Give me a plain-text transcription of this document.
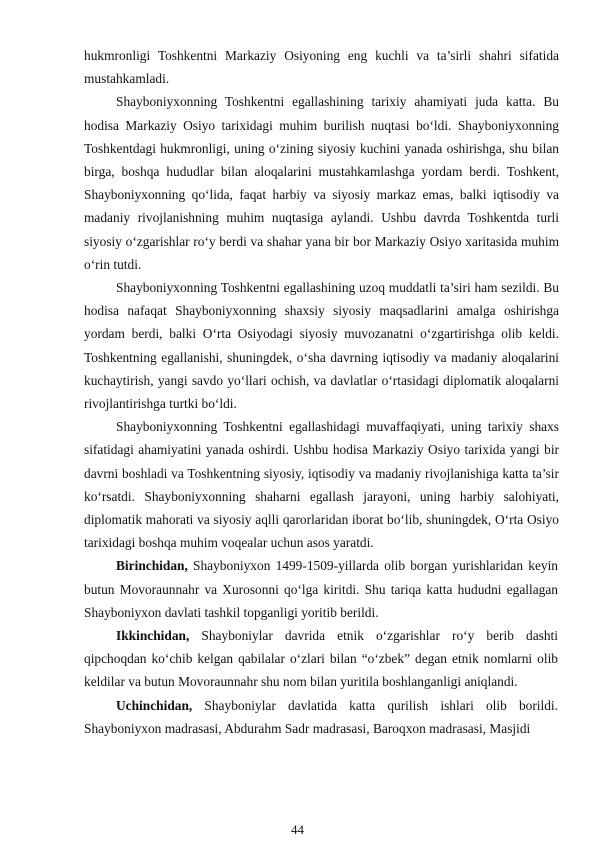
hukmronligi Toshkentni Markaziy Osiyoning eng kuchli va ta’sirli shahri sifatida mustahkamladi.

Shayboniyxonning Toshkentni egallashining tarixiy ahamiyati juda katta. Bu hodisa Markaziy Osiyo tarixidagi muhim burilish nuqtasi bo‘ldi. Shayboniyxonning Toshkentdagi hukmronligi, uning o‘zining siyosiy kuchini yanada oshirishga, shu bilan birga, boshqa hududlar bilan aloqalarini mustahkamlashga yordam berdi. Toshkent, Shayboniyxonning qo‘lida, faqat harbiy va siyosiy markaz emas, balki iqtisodiy va madaniy rivojlanishning muhim nuqtasiga aylandi. Ushbu davrda Toshkentda turli siyosiy o‘zgarishlar ro‘y berdi va shahar yana bir bor Markaziy Osiyo xaritasida muhim o‘rin tutdi.

Shayboniyxonning Toshkentni egallashining uzoq muddatli ta’siri ham sezildi. Bu hodisa nafaqat Shayboniyxonning shaxsiy siyosiy maqsadlarini amalga oshirishga yordam berdi, balki O‘rta Osiyodagi siyosiy muvozanatni o‘zgartirishga olib keldi. Toshkentning egallanishi, shuningdek, o‘sha davrning iqtisodiy va madaniy aloqalarini kuchaytirish, yangi savdo yo‘llari ochish, va davlatlar o‘rtasidagi diplomatik aloqalarni rivojlantirishga turtki bo‘ldi.

Shayboniyxonning Toshkentni egallashidagi muvaffaqiyati, uning tarixiy shaxs sifatidagi ahamiyatini yanada oshirdi. Ushbu hodisa Markaziy Osiyo tarixida yangi bir davrni boshladi va Toshkentning siyosiy, iqtisodiy va madaniy rivojlanishiga katta ta’sir ko‘rsatdi. Shayboniyxonning shaharni egallash jarayoni, uning harbiy salohiyati, diplomatik mahorati va siyosiy aqlli qarorlaridan iborat bo‘lib, shuningdek, O‘rta Osiyo tarixidagi boshqa muhim voqealar uchun asos yaratdi.

Birinchidan, Shayboniyxon 1499-1509-yillarda olib borgan yurishlaridan keyin butun Movoraunnahr va Xurosonni qo‘lga kiritdi. Shu tariqa katta hududni egallagan Shayboniyxon davlati tashkil topganligi yoritib berildi.

Ikkinchidan, Shayboniylar davrida etnik o‘zgarishlar ro‘y berib dashti qipchoqdan ko‘chib kelgan qabilalar o‘zlari bilan “o‘zbek” degan etnik nomlarni olib keldilar va butun Movoraunnahr shu nom bilan yuritila boshlanganligi aniqlandi.

Uchinchidan, Shayboniylar davlatida katta qurilish ishlari olib borildi. Shayboniyxon madrasasi, Abdurahm Sadr madrasasi, Baroqxon madrasasi, Masjidi

44
